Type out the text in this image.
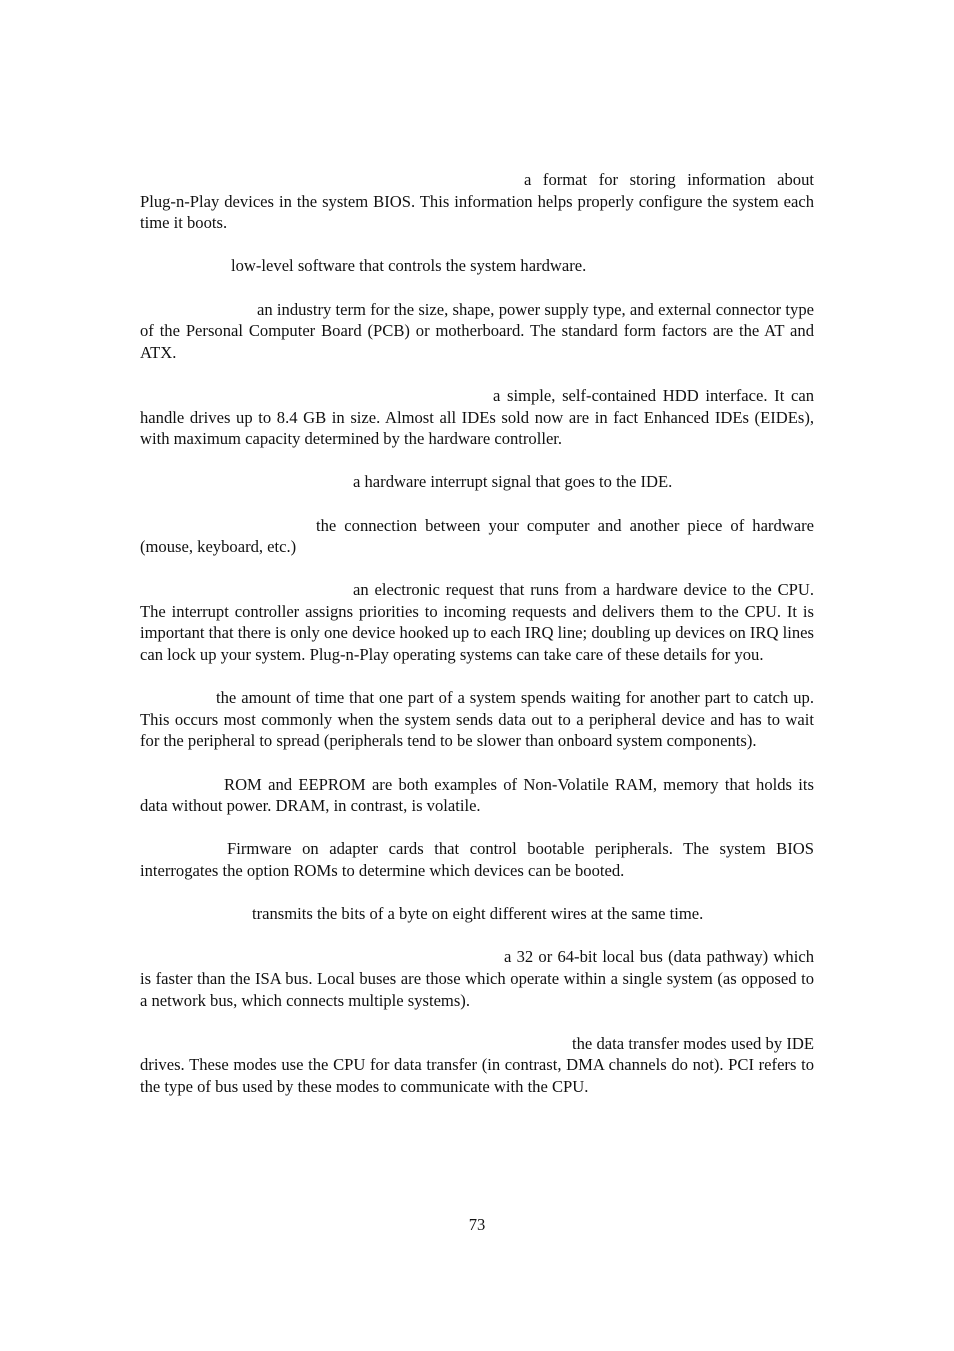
a format for storing information about Plug-n-Play devices in the system BIOS. This information helps properly configure the system each time it boots.

low-level software that controls the system hardware.

an industry term for the size, shape, power supply type, and external connector type of the Personal Computer Board (PCB) or motherboard. The standard form factors are the AT and ATX.

a simple, self-contained HDD interface. It can handle drives up to 8.4 GB in size. Almost all IDEs sold now are in fact Enhanced IDEs (EIDEs), with maximum capacity determined by the hardware controller.

a hardware interrupt signal that goes to the IDE.

the connection between your computer and another piece of hardware (mouse, keyboard, etc.)

an electronic request that runs from a hardware device to the CPU. The interrupt controller assigns priorities to incoming requests and delivers them to the CPU. It is important that there is only one device hooked up to each IRQ line; doubling up devices on IRQ lines can lock up your system. Plug-n-Play operating systems can take care of these details for you.

the amount of time that one part of a system spends waiting for another part to catch up. This occurs most commonly when the system sends data out to a peripheral device and has to wait for the peripheral to spread (peripherals tend to be slower than onboard system components).

ROM and EEPROM are both examples of Non-Volatile RAM, memory that holds its data without power. DRAM, in contrast, is volatile.

Firmware on adapter cards that control bootable peripherals. The system BIOS interrogates the option ROMs to determine which devices can be booted.

transmits the bits of a byte on eight different wires at the same time.

a 32 or 64-bit local bus (data pathway) which is faster than the ISA bus. Local buses are those which operate within a single system (as opposed to a network bus, which connects multiple systems).

the data transfer modes used by IDE drives. These modes use the CPU for data transfer (in contrast, DMA channels do not). PCI refers to the type of bus used by these modes to communicate with the CPU.

73
